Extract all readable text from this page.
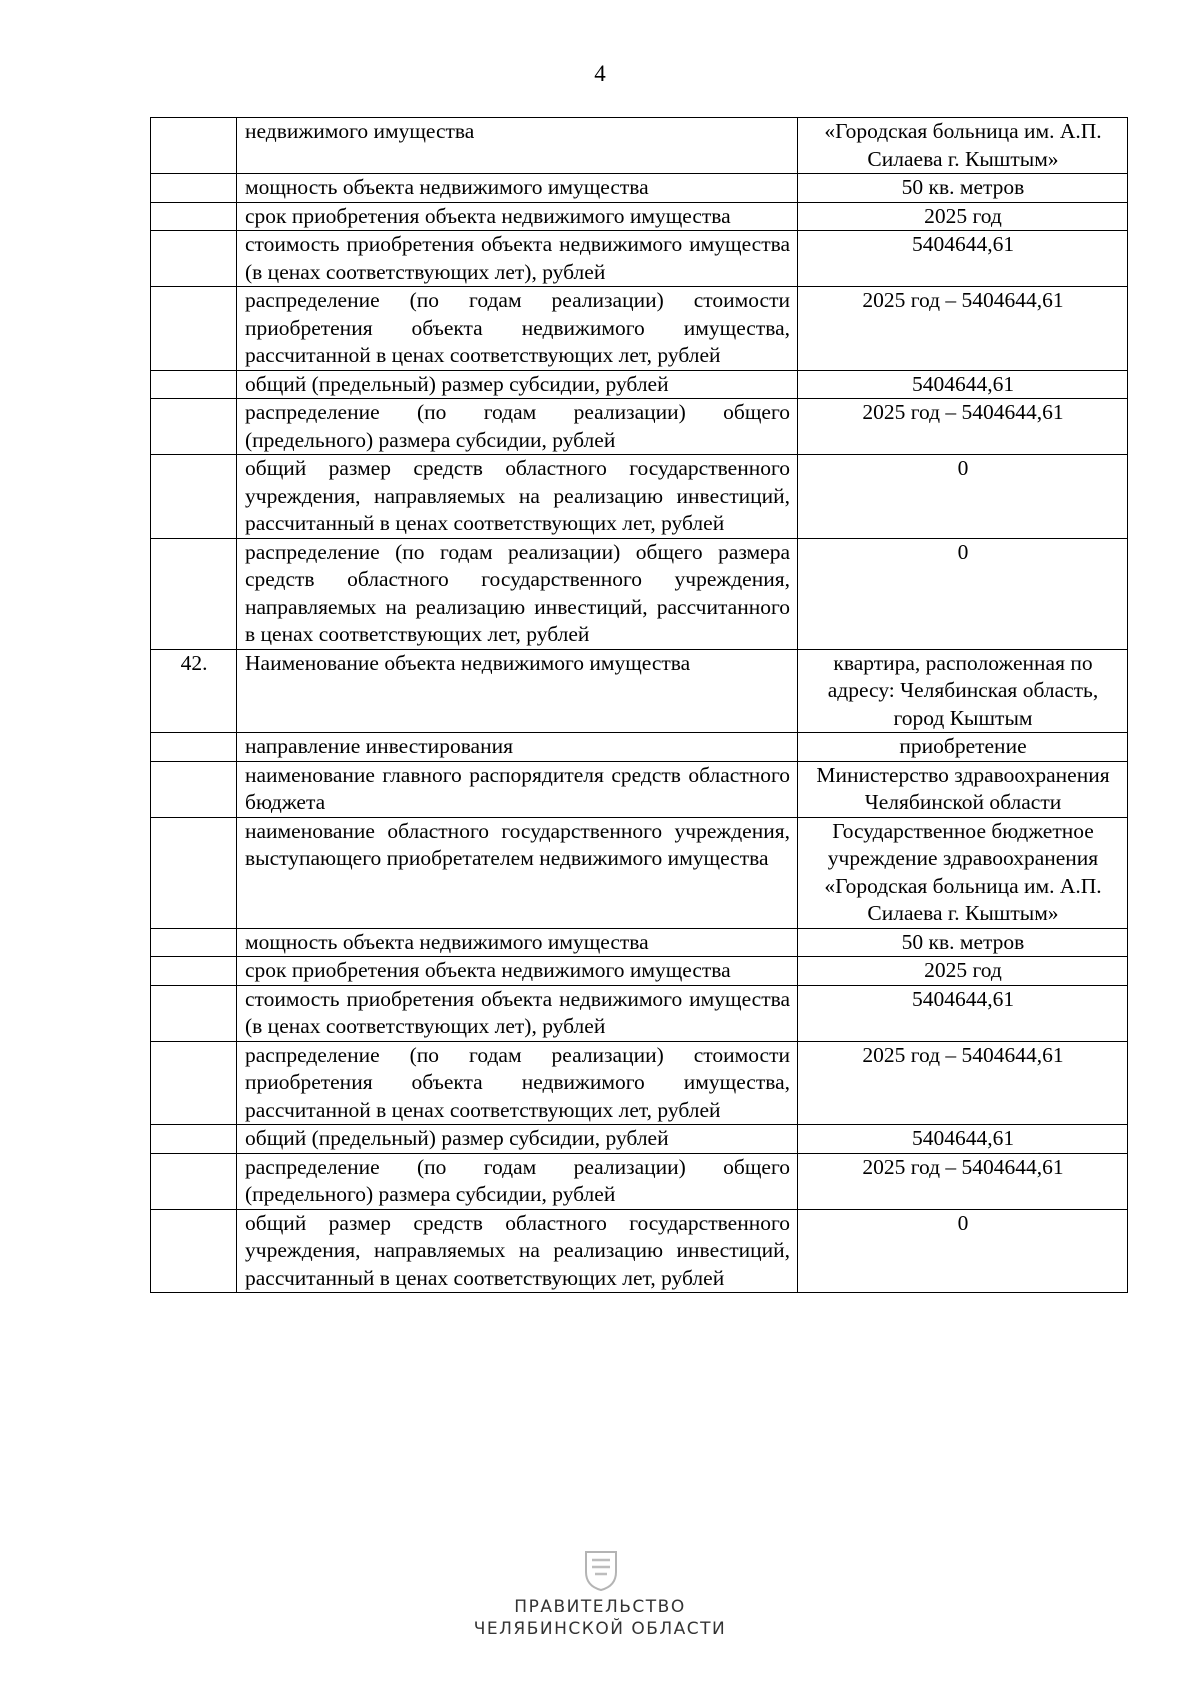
4
	недвижимого имущества	«Городская больница им. А.П. Силаева г. Кыштым»
	мощность объекта недвижимого имущества	50 кв. метров
	срок приобретения объекта недвижимого имущества	2025 год
	стоимость приобретения объекта недвижимого имущества (в ценах соответствующих лет), рублей	5404644,61
	распределение (по годам реализации) стоимости приобретения объекта недвижимого имущества, рассчитанной в ценах соответствующих лет, рублей	2025 год – 5404644,61
	общий (предельный) размер субсидии, рублей	5404644,61
	распределение (по годам реализации) общего (предельного) размера субсидии, рублей	2025 год – 5404644,61
	общий размер средств областного государственного учреждения, направляемых на реализацию инвестиций, рассчитанный в ценах соответствующих лет, рублей	0
	распределение (по годам реализации) общего размера средств областного государственного учреждения, направляемых на реализацию инвестиций, рассчитанного в ценах соответствующих лет, рублей	0
42.	Наименование объекта недвижимого имущества	квартира, расположенная по адресу: Челябинская область, город Кыштым
	направление инвестирования	приобретение
	наименование главного распорядителя средств областного бюджета	Министерство здравоохранения Челябинской области
	наименование областного государственного учреждения, выступающего приобретателем недвижимого имущества	Государственное бюджетное учреждение здравоохранения «Городская больница им. А.П. Силаева г. Кыштым»
	мощность объекта недвижимого имущества	50 кв. метров
	срок приобретения объекта недвижимого имущества	2025 год
	стоимость приобретения объекта недвижимого имущества (в ценах соответствующих лет), рублей	5404644,61
	распределение (по годам реализации) стоимости приобретения объекта недвижимого имущества, рассчитанной в ценах соответствующих лет, рублей	2025 год – 5404644,61
	общий (предельный) размер субсидии, рублей	5404644,61
	распределение (по годам реализации) общего (предельного) размера субсидии, рублей	2025 год – 5404644,61
	общий размер средств областного государственного учреждения, направляемых на реализацию инвестиций, рассчитанный в ценах соответствующих лет, рублей	0
ПРАВИТЕЛЬСТВО
ЧЕЛЯБИНСКОЙ ОБЛАСТИ
